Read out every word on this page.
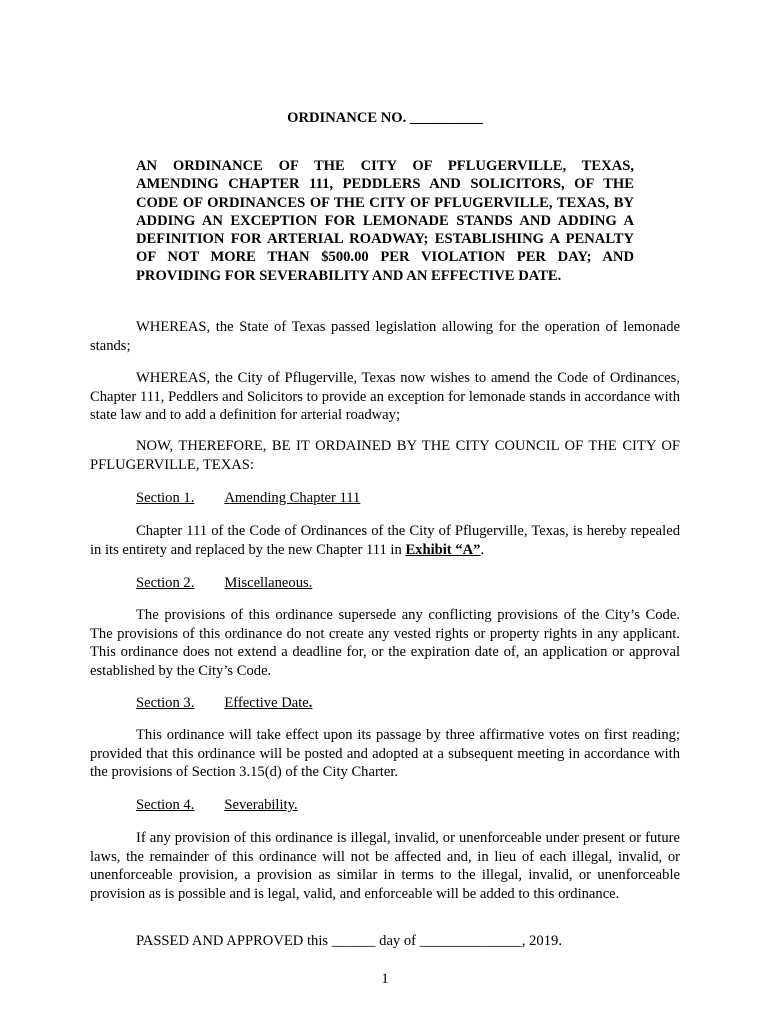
ORDINANCE NO. __________
AN ORDINANCE OF THE CITY OF PFLUGERVILLE, TEXAS, AMENDING CHAPTER 111, PEDDLERS AND SOLICITORS, OF THE CODE OF ORDINANCES OF THE CITY OF PFLUGERVILLE, TEXAS, BY ADDING AN EXCEPTION FOR LEMONADE STANDS AND ADDING A DEFINITION FOR ARTERIAL ROADWAY; ESTABLISHING A PENALTY OF NOT MORE THAN $500.00 PER VIOLATION PER DAY; AND PROVIDING FOR SEVERABILITY AND AN EFFECTIVE DATE.
WHEREAS, the State of Texas passed legislation allowing for the operation of lemonade stands;
WHEREAS, the City of Pflugerville, Texas now wishes to amend the Code of Ordinances, Chapter 111, Peddlers and Solicitors to provide an exception for lemonade stands in accordance with state law and to add a definition for arterial roadway;
NOW, THEREFORE, BE IT ORDAINED BY THE CITY COUNCIL OF THE CITY OF PFLUGERVILLE, TEXAS:
Section 1. Amending Chapter 111
Chapter 111 of the Code of Ordinances of the City of Pflugerville, Texas, is hereby repealed in its entirety and replaced by the new Chapter 111 in Exhibit “A”.
Section 2. Miscellaneous.
The provisions of this ordinance supersede any conflicting provisions of the City’s Code. The provisions of this ordinance do not create any vested rights or property rights in any applicant. This ordinance does not extend a deadline for, or the expiration date of, an application or approval established by the City’s Code.
Section 3. Effective Date.
This ordinance will take effect upon its passage by three affirmative votes on first reading; provided that this ordinance will be posted and adopted at a subsequent meeting in accordance with the provisions of Section 3.15(d) of the City Charter.
Section 4. Severability.
If any provision of this ordinance is illegal, invalid, or unenforceable under present or future laws, the remainder of this ordinance will not be affected and, in lieu of each illegal, invalid, or unenforceable provision, a provision as similar in terms to the illegal, invalid, or unenforceable provision as is possible and is legal, valid, and enforceable will be added to this ordinance.
PASSED AND APPROVED this ______ day of ______________, 2019.
1
